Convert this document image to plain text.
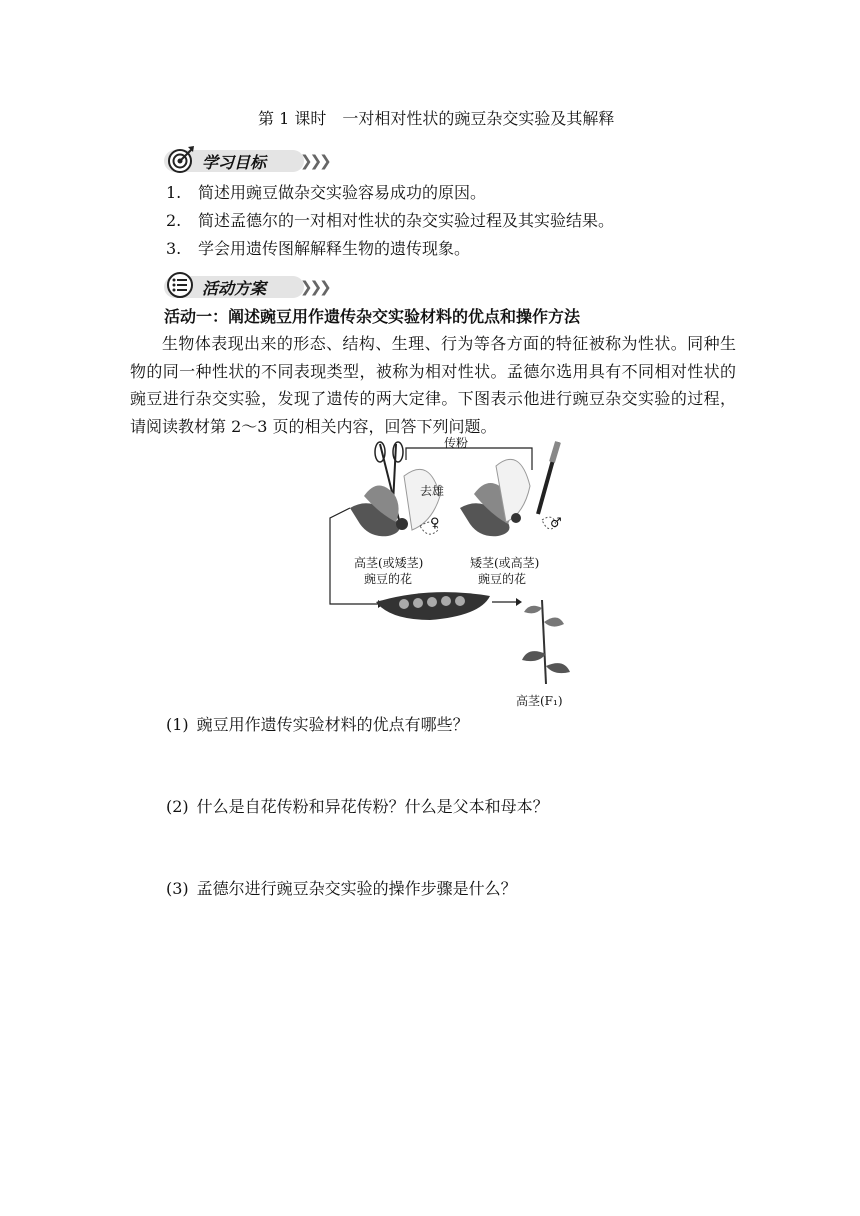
第 1 课时　一对相对性状的豌豆杂交实验及其解释
学习目标 ❯❯❯
1. 简述用豌豆做杂交实验容易成功的原因。
2. 简述孟德尔的一对相对性状的杂交实验过程及其实验结果。
3. 学会用遗传图解解释生物的遗传现象。
活动方案 ❯❯❯
活动一：阐述豌豆用作遗传杂交实验材料的优点和操作方法

生物体表现出来的形态、结构、生理、行为等各方面的特征被称为性状。同种生物的同一种性状的不同表现类型，被称为相对性状。孟德尔选用具有不同相对性状的豌豆进行杂交实验，发现了遗传的两大定律。下图表示他进行豌豆杂交实验的过程，请阅读教材第 2～3 页的相关内容，回答下列问题。

传粉
去雄
♀	♂
高茎(或矮茎)
豌豆的花
矮茎(或高茎)
豌豆的花
高茎(F₁)
(1) 豌豆用作遗传实验材料的优点有哪些？
(2) 什么是自花传粉和异花传粉？什么是父本和母本？
(3) 孟德尔进行豌豆杂交实验的操作步骤是什么？
